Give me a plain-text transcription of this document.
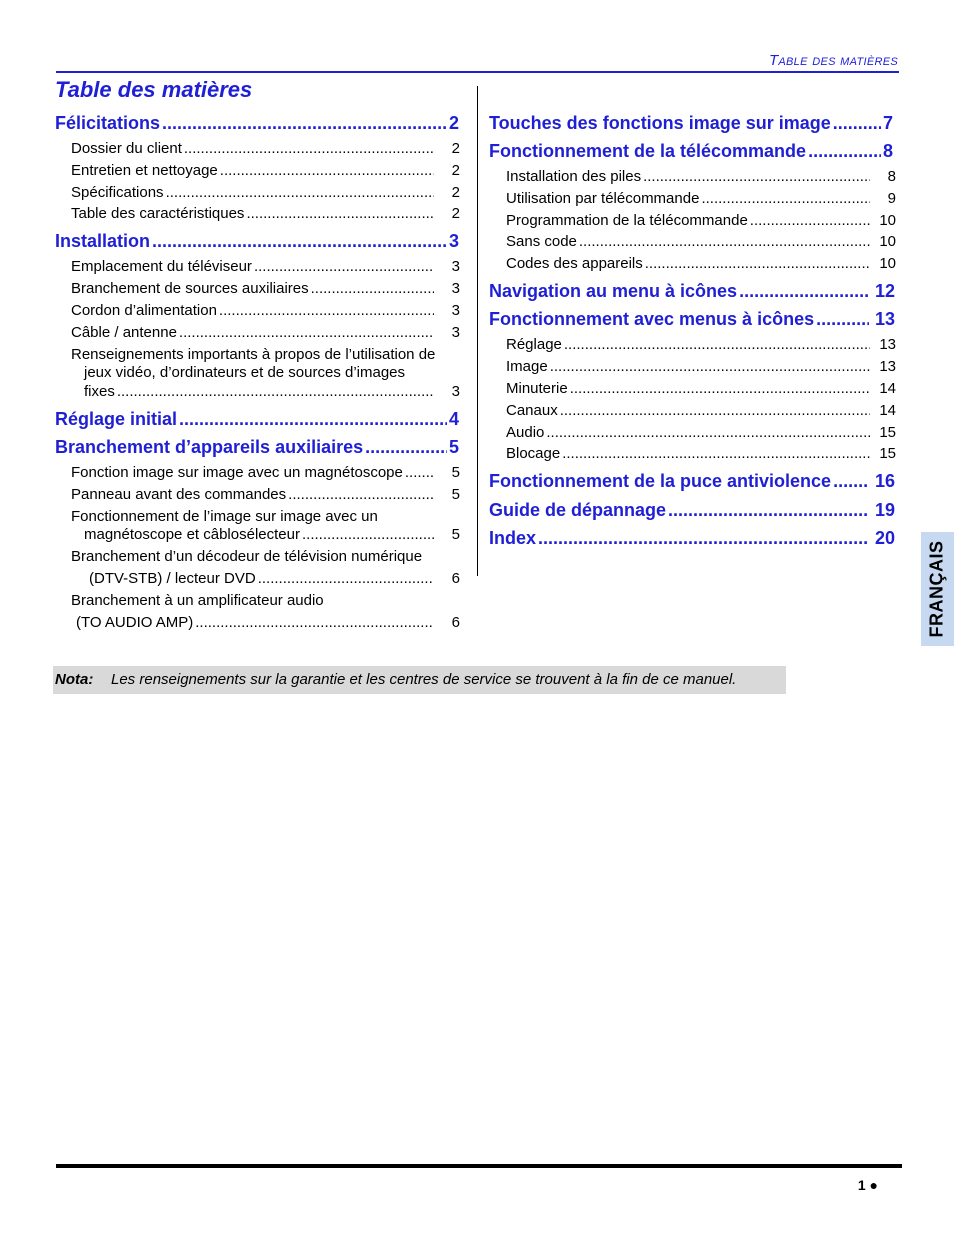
Table des matières
Table des matières
Félicitations .....	2
Dossier du client .....	2
Entretien et nettoyage .....	2
Spécifications .....	2
Table des caractéristiques .....	2
Installation .....	3
Emplacement du téléviseur .....	3
Branchement de sources auxiliaires .....	3
Cordon d’alimentation .....	3
Câble / antenne .....	3
Renseignements importants à propos de l’utilisation de
jeux vidéo, d’ordinateurs et de sources d’images
fixes .....	3
Réglage initial .....	4
Branchement d’appareils auxiliaires .....	5
Fonction image sur image avec un magnétoscope .....	5
Panneau avant des commandes .....	5
Fonctionnement de l’image sur image avec un
magnétoscope et câblosélecteur .....	5
Branchement d’un décodeur de télévision numérique
(DTV-STB) / lecteur DVD .....	6
Branchement à un amplificateur audio
(TO AUDIO AMP) .....	6
Touches des fonctions image sur image .....	7
Fonctionnement de la télécommande .....	8
Installation des piles .....	8
Utilisation par télécommande .....	9
Programmation de la télécommande .....	10
Sans code .....	10
Codes des appareils .....	10
Navigation au menu à icônes .....	12
Fonctionnement avec menus à icônes .....	13
Réglage .....	13
Image .....	13
Minuterie .....	14
Canaux .....	14
Audio .....	15
Blocage .....	15
Fonctionnement de la puce antiviolence ..... 16
Guide de dépannage .....	19
Index .....	20
FRANÇAIS
Nota: Les renseignements sur la garantie et les centres de service se trouvent à la fin de ce manuel.
1 ●
